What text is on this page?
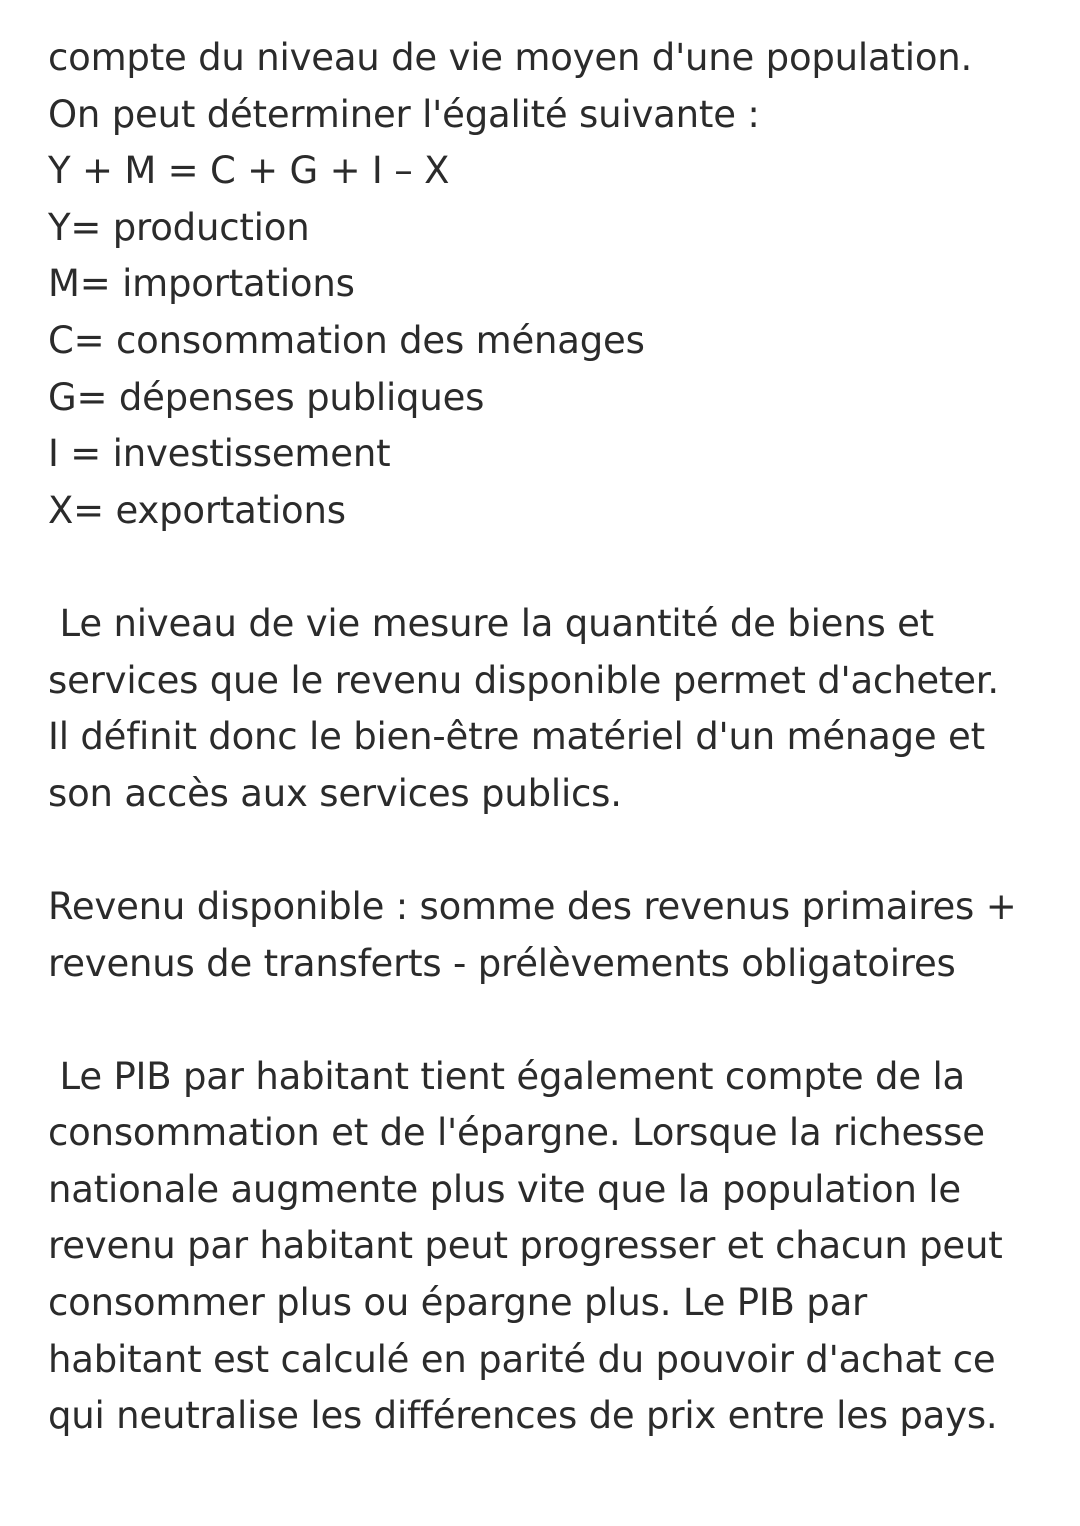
compte du niveau de vie moyen d'une population.
On peut déterminer l'égalité suivante :
Y + M = C + G + I – X
Y= production
M= importations
C= consommation des ménages
G= dépenses publiques
I = investissement
X= exportations
Le niveau de vie mesure la quantité de biens et
services que le revenu disponible permet d'acheter.
Il définit donc le bien-être matériel d'un ménage et
son accès aux services publics.
Revenu disponible : somme des revenus primaires +
revenus de transferts - prélèvements obligatoires
Le PIB par habitant tient également compte de la
consommation et de l'épargne. Lorsque la richesse
nationale augmente plus vite que la population le
revenu par habitant peut progresser et chacun peut
consommer plus ou épargne plus. Le PIB par
habitant est calculé en parité du pouvoir d'achat ce
qui neutralise les différences de prix entre les pays.
